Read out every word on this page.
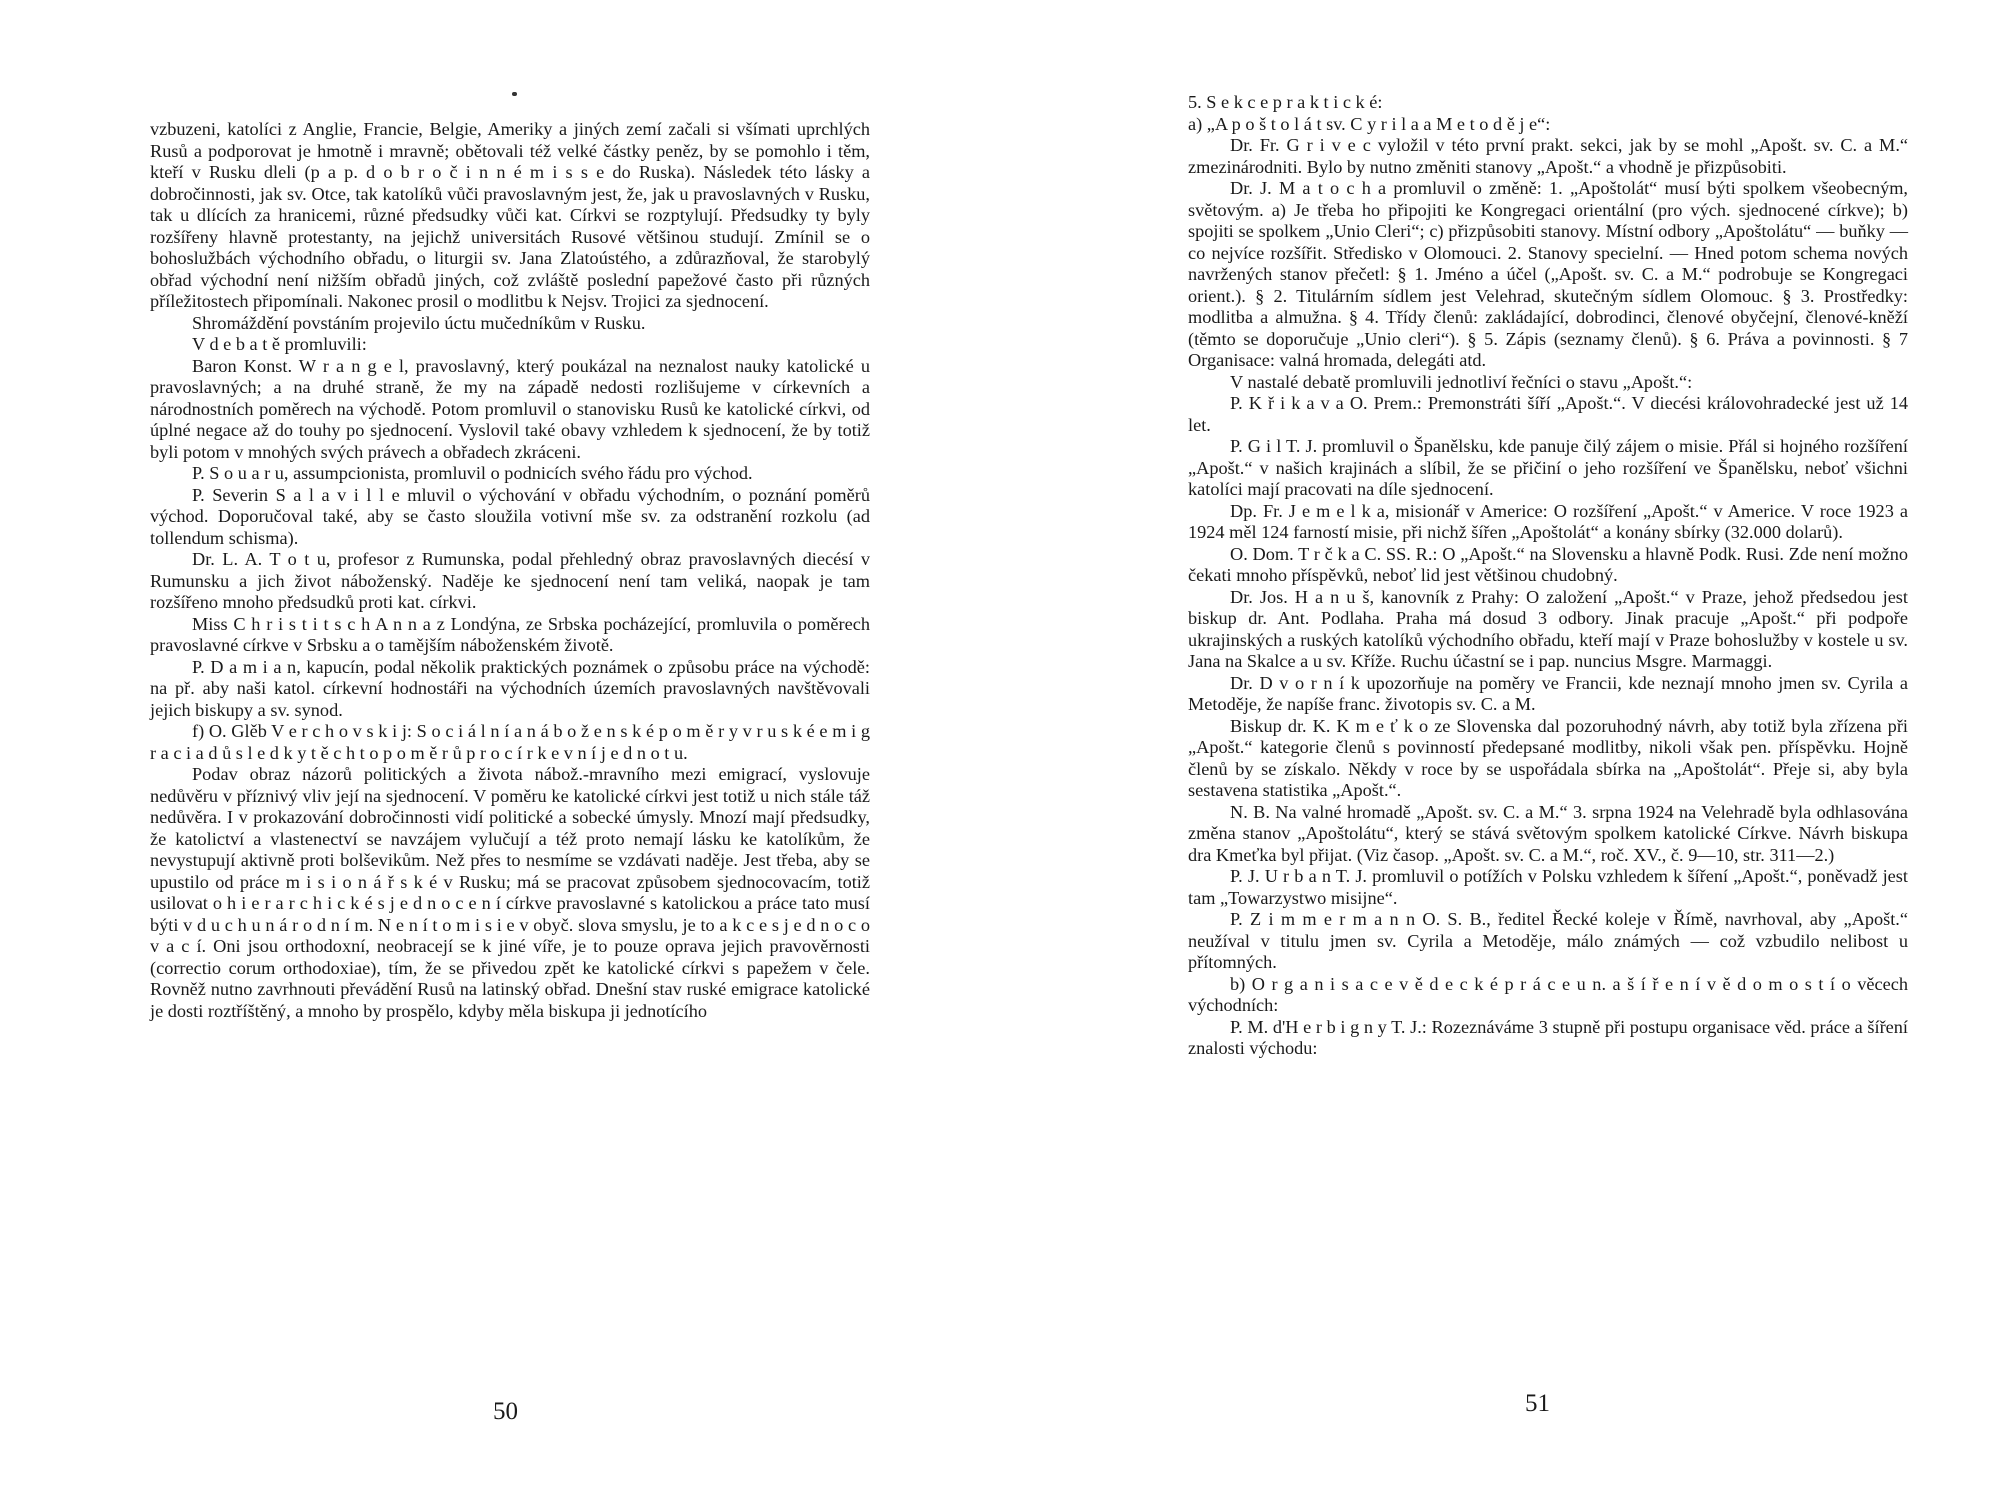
vzbuzeni, katolíci z Anglie, Francie, Belgie, Ameriky a jiných zemí začali si všímati uprchlých Rusů a podporovat je hmotně i mravně; obětovali též velké částky peněz, by se pomohlo i těm, kteří v Rusku dleli (p a p. d o b r o č i n n é m i s s e do Ruska). Následek této lásky a dobročinnosti, jak sv. Otce, tak katolíků vůči pravoslavným jest, že, jak u pravoslavných v Rusku, tak u dlících za hranicemi, různé předsudky vůči kat. Církvi se rozptylují. Předsudky ty byly rozšířeny hlavně protestanty, na jejichž universitách Rusové většinou studují. Zmínil se o bohoslužbách východního obřadu, o liturgii sv. Jana Zlatoústého, a zdůrazňoval, že starobylý obřad východní není nižším obřadů jiných, což zvláště poslední papežové často při různých příležitostech připomínali. Nakonec prosil o modlitbu k Nejsv. Trojici za sjednocení.

Shromáždění povstáním projevilo úctu mučedníkům v Rusku.

V d e b a t ě promluvili:

Baron Konst. W r a n g e l, pravoslavný, který poukázal na neznalost nauky katolické u pravoslavných; a na druhé straně, že my na západě nedosti rozlišujeme v církevních a národnostních poměrech na východě. Potom promluvil o stanovisku Rusů ke katolické církvi, od úplné negace až do touhy po sjednocení. Vyslovil také obavy vzhledem k sjednocení, že by totiž byli potom v mnohých svých právech a obřadech zkráceni.

P. S o u a r u, assumpcionista, promluvil o podnicích svého řádu pro východ.

P. Severin S a l a v i l l e mluvil o výchování v obřadu východním, o poznání poměrů východ. Doporučoval také, aby se často sloužila votivní mše sv. za odstranění rozkolu (ad tollendum schisma).

Dr. L. A. T o t u, profesor z Rumunska, podal přehledný obraz pravoslavných diecésí v Rumunsku a jich život náboženský. Naděje ke sjednocení není tam veliká, naopak je tam rozšířeno mnoho předsudků proti kat. církvi.

Miss C h r i s t i t s c h A n n a z Londýna, ze Srbska pocházející, promluvila o poměrech pravoslavné církve v Srbsku a o tamějším náboženském životě.

P. D a m i a n, kapucín, podal několik praktických poznámek o způsobu práce na východě: na př. aby naši katol. církevní hodnostáři na východních územích pravoslavných navštěvovali jejich biskupy a sv. synod.

f) O. Glěb V e r c h o v s k i j: S o c i á l n í a n á b o ž e n s k é p o m ě r y v r u s k é e m i g r a c i a d ů s l e d k y t ě c h t o p o m ě r ů p r o c í r k e v n í j e d n o t u.

Podav obraz názorů politických a života nábož.-mravního mezi emigrací, vyslovuje nedůvěru v příznivý vliv její na sjednocení. V poměru ke katolické církvi jest totiž u nich stále táž nedůvěra. I v prokazování dobročinnosti vidí politické a sobecké úmysly. Mnozí mají předsudky, že katolictví a vlastenectví se navzájem vylučují a též proto nemají lásku ke katolíkům, že nevystupují aktivně proti bolševikům. Než přes to nesmíme se vzdávati naděje. Jest třeba, aby se upustilo od práce m i s i o n á ř s k é v Rusku; má se pracovat způsobem sjednocovacím, totiž usilovat o h i e r a r c h i c k é s j e d n o c e n í církve pravoslavné s katolickou a práce tato musí býti v d u c h u n á r o d n í m. N e n í t o m i s i e v obyč. slova smyslu, je to a k c e s j e d n o c o v a c í. Oni jsou orthodoxní, neobracejí se k jiné víře, je to pouze oprava jejich pravověrnosti (correctio corum orthodoxiae), tím, že se přivedou zpět ke katolické církvi s papežem v čele. Rovněž nutno zavrhnouti převádění Rusů na latinský obřad. Dnešní stav ruské emigrace katolické je dosti roztříštěný, a mnoho by prospělo, kdyby měla biskupa ji jednotícího

50

5. S e k c e p r a k t i c k é:

a) „A p o š t o l á t sv. C y r i l a a M e t o d ě j e“:

Dr. Fr. G r i v e c vyložil v této první prakt. sekci, jak by se mohl „Apošt. sv. C. a M.“ zmezinárodniti. Bylo by nutno změniti stanovy „Apošt.“ a vhodně je přizpůsobiti.

Dr. J. M a t o c h a promluvil o změně: 1. „Apoštolát“ musí býti spolkem všeobecným, světovým. a) Je třeba ho připojiti ke Kongregaci orientální (pro vých. sjednocené církve); b) spojiti se spolkem „Unio Cleri“; c) přizpůsobiti stanovy. Místní odbory „Apoštolátu“ — buňky — co nejvíce rozšířit. Středisko v Olomouci. 2. Stanovy specielní. — Hned potom schema nových navržených stanov přečetl: § 1. Jméno a účel („Apošt. sv. C. a M.“ podrobuje se Kongregaci orient.). § 2. Titulárním sídlem jest Velehrad, skutečným sídlem Olomouc. § 3. Prostředky: modlitba a almužna. § 4. Třídy členů: zakládající, dobrodinci, členové obyčejní, členové-kněží (těmto se doporučuje „Unio cleri“). § 5. Zápis (seznamy členů). § 6. Práva a povinnosti. § 7 Organisace: valná hromada, delegáti atd.

V nastalé debatě promluvili jednotliví řečníci o stavu „Apošt.“:

P. K ř i k a v a O. Prem.: Premonstráti šíří „Apošt.“. V diecési královohradecké jest už 14 let.

P. G i l T. J. promluvil o Španělsku, kde panuje čilý zájem o misie. Přál si hojného rozšíření „Apošt.“ v našich krajinách a slíbil, že se přičiní o jeho rozšíření ve Španělsku, neboť všichni katolíci mají pracovati na díle sjednocení.

Dp. Fr. J e m e l k a, misionář v Americe: O rozšíření „Apošt.“ v Americe. V roce 1923 a 1924 měl 124 farností misie, při nichž šířen „Apoštolát“ a konány sbírky (32.000 dolarů).

O. Dom. T r č k a C. SS. R.: O „Apošt.“ na Slovensku a hlavně Podk. Rusi. Zde není možno čekati mnoho příspěvků, neboť lid jest většinou chudobný.

Dr. Jos. H a n u š, kanovník z Prahy: O založení „Apošt.“ v Praze, jehož předsedou jest biskup dr. Ant. Podlaha. Praha má dosud 3 odbory. Jinak pracuje „Apošt.“ při podpoře ukrajinských a ruských katolíků východního obřadu, kteří mají v Praze bohoslužby v kostele u sv. Jana na Skalce a u sv. Kříže. Ruchu účastní se i pap. nuncius Msgre. Marmaggi.

Dr. D v o r n í k upozorňuje na poměry ve Francii, kde neznají mnoho jmen sv. Cyrila a Metoděje, že napíše franc. životopis sv. C. a M.

Biskup dr. K. K m e ť k o ze Slovenska dal pozoruhodný návrh, aby totiž byla zřízena při „Apošt.“ kategorie členů s povinností předepsané modlitby, nikoli však pen. příspěvku. Hojně členů by se získalo. Někdy v roce by se uspořádala sbírka na „Apoštolát“. Přeje si, aby byla sestavena statistika „Apošt.“.

N. B. Na valné hromadě „Apošt. sv. C. a M.“ 3. srpna 1924 na Velehradě byla odhlasována změna stanov „Apoštolátu“, který se stává světovým spolkem katolické Církve. Návrh biskupa dra Kmeťka byl přijat. (Viz časop. „Apošt. sv. C. a M.“, roč. XV., č. 9—10, str. 311—2.)

P. J. U r b a n T. J. promluvil o potížích v Polsku vzhledem k šíření „Apošt.“, poněvadž jest tam „Towarzystwo misijne“.

P. Z i m m e r m a n n O. S. B., ředitel Řecké koleje v Římě, navrhoval, aby „Apošt.“ neužíval v titulu jmen sv. Cyrila a Metoděje, málo známých — což vzbudilo nelibost u přítomných.

b) O r g a n i s a c e v ě d e c k é p r á c e u n. a š í ř e n í v ě d o m o s t í o věcech východních:

P. M. d'H e r b i g n y T. J.: Rozeznáváme 3 stupně při postupu organisace věd. práce a šíření znalosti východu:

51
